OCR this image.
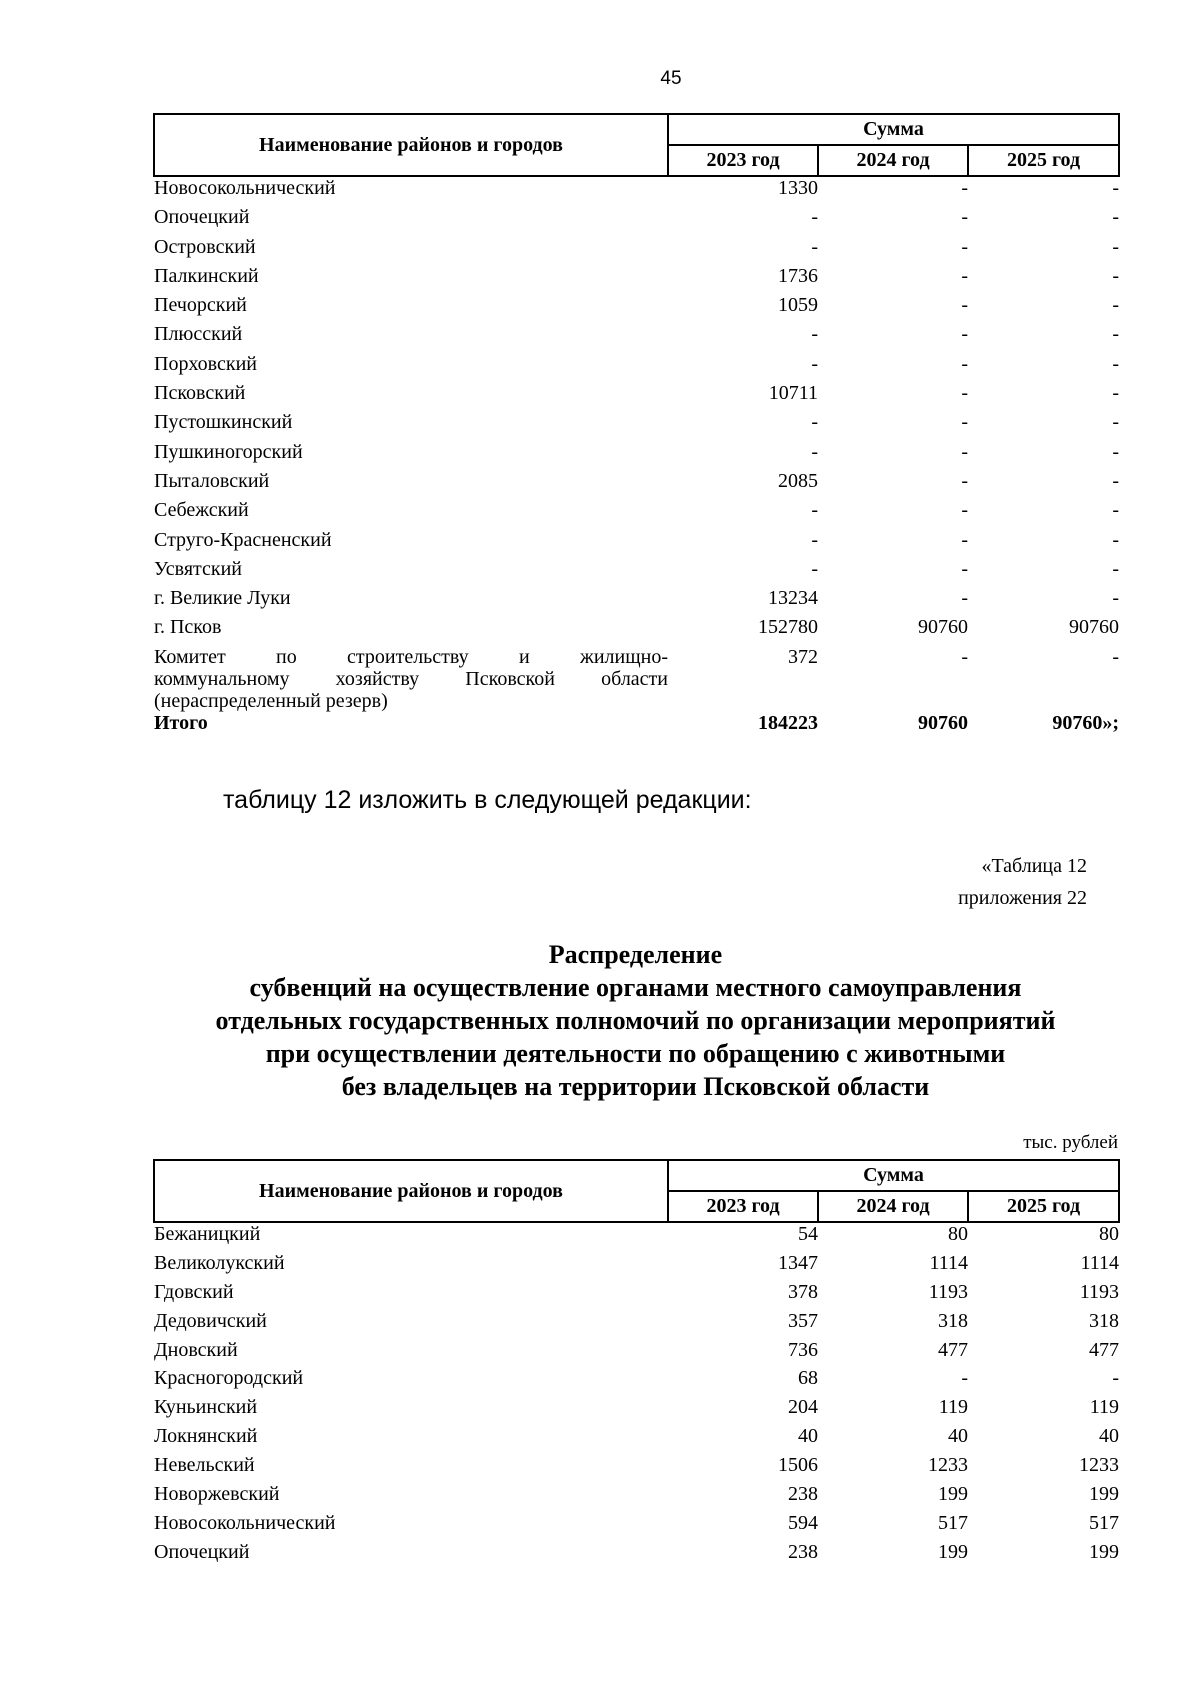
45
Наименование районов и городов	Сумма		
	2023 год	2024 год	2025 год
Новосокольнический	1330	-	-
Опочецкий	-	-	-
Островский	-	-	-
Палкинский	1736	-	-
Печорский	1059	-	-
Плюсский	-	-	-
Порховский	-	-	-
Псковский	10711	-	-
Пустошкинский	-	-	-
Пушкиногорский	-	-	-
Пыталовский	2085	-	-
Себежский	-	-	-
Струго-Красненский	-	-	-
Усвятский	-	-	-
г. Великие Луки	13234	-	-
г. Псков	152780	90760	90760

Комитет по строительству и жилищно-
коммунальному хозяйству Псковской области
(нераспределенный резерв)	372	-	-
Итого	184223	90760	90760»;
таблицу 12 изложить в следующей редакции:
«Таблица 12
приложения 22
Распределение
субвенций на осуществление органами местного самоуправления
отдельных государственных полномочий по организации мероприятий
при осуществлении деятельности по обращению с животными
без владельцев на территории Псковской области
тыс. рублей
Наименование районов и городов	Сумма		
	2023 год	2024 год	2025 год
Бежаницкий	54	80	80
Великолукский	1347	1114	1114
Гдовский	378	1193	1193
Дедовичский	357	318	318
Дновский	736	477	477
Красногородский	68	-	-
Куньинский	204	119	119
Локнянский	40	40	40
Невельский	1506	1233	1233
Новоржевский	238	199	199
Новосокольнический	594	517	517
Опочецкий	238	199	199
